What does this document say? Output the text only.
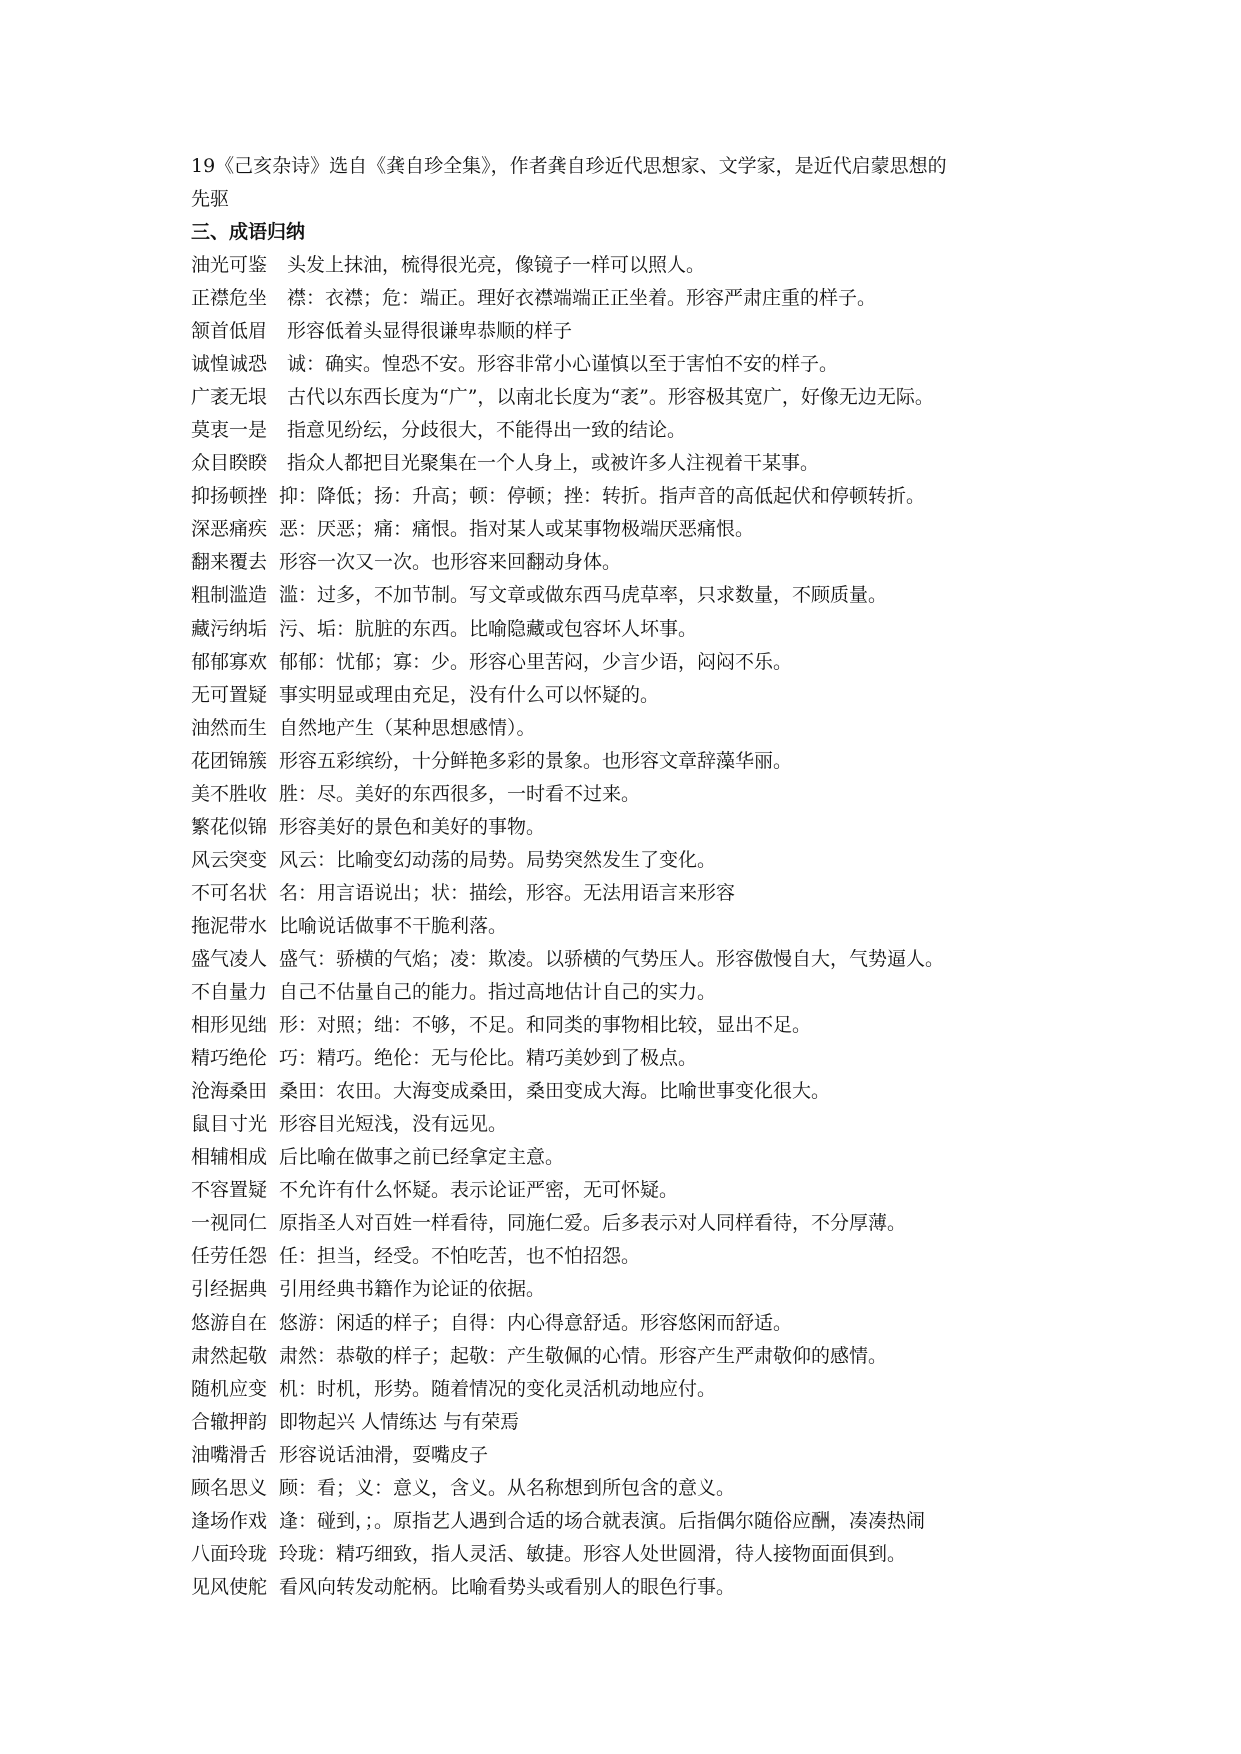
19《己亥杂诗》选自《龚自珍全集》，作者龚自珍近代思想家、文学家，是近代启蒙思想的

先驱

三、成语归纳

油光可鉴 头发上抹油，梳得很光亮，像镜子一样可以照人。
正襟危坐 襟：衣襟；危：端正。理好衣襟端端正正坐着。形容严肃庄重的样子。
颔首低眉 形容低着头显得很谦卑恭顺的样子
诚惶诚恐 诚：确实。惶恐不安。形容非常小心谨慎以至于害怕不安的样子。
广袤无垠 古代以东西长度为“广”，以南北长度为“袤”。形容极其宽广，好像无边无际。
莫衷一是 指意见纷纭，分歧很大，不能得出一致的结论。
众目睽睽 指众人都把目光聚集在一个人身上，或被许多人注视着干某事。
抑扬顿挫 抑：降低；扬：升高；顿：停顿；挫：转折。指声音的高低起伏和停顿转折。
深恶痛疾 恶：厌恶；痛：痛恨。指对某人或某事物极端厌恶痛恨。
翻来覆去 形容一次又一次。也形容来回翻动身体。
粗制滥造 滥：过多，不加节制。写文章或做东西马虎草率，只求数量，不顾质量。
藏污纳垢 污、垢：肮脏的东西。比喻隐藏或包容坏人坏事。
郁郁寡欢 郁郁：忧郁；寡：少。形容心里苦闷，少言少语，闷闷不乐。
无可置疑 事实明显或理由充足，没有什么可以怀疑的。
油然而生 自然地产生（某种思想感情）。
花团锦簇 形容五彩缤纷，十分鲜艳多彩的景象。也形容文章辞藻华丽。
美不胜收 胜：尽。美好的东西很多，一时看不过来。
繁花似锦 形容美好的景色和美好的事物。
风云突变 风云：比喻变幻动荡的局势。局势突然发生了变化。
不可名状 名：用言语说出；状：描绘，形容。无法用语言来形容
拖泥带水 比喻说话做事不干脆利落。
盛气凌人 盛气：骄横的气焰；凌：欺凌。以骄横的气势压人。形容傲慢自大，气势逼人。
不自量力 自己不估量自己的能力。指过高地估计自己的实力。
相形见绌 形：对照；绌：不够，不足。和同类的事物相比较，显出不足。
精巧绝伦 巧：精巧。绝伦：无与伦比。精巧美妙到了极点。
沧海桑田 桑田：农田。大海变成桑田，桑田变成大海。比喻世事变化很大。
鼠目寸光 形容目光短浅，没有远见。
相辅相成 后比喻在做事之前已经拿定主意。
不容置疑 不允许有什么怀疑。表示论证严密，无可怀疑。
一视同仁 原指圣人对百姓一样看待，同施仁爱。后多表示对人同样看待，不分厚薄。
任劳任怨 任：担当，经受。不怕吃苦，也不怕招怨。
引经据典 引用经典书籍作为论证的依据。
悠游自在 悠游：闲适的样子；自得：内心得意舒适。形容悠闲而舒适。
肃然起敬 肃然：恭敬的样子；起敬：产生敬佩的心情。形容产生严肃敬仰的感情。
随机应变 机：时机，形势。随着情况的变化灵活机动地应付。
合辙押韵 即物起兴 人情练达 与有荣焉
油嘴滑舌 形容说话油滑，耍嘴皮子
顾名思义 顾：看；义：意义，含义。从名称想到所包含的意义。
逢场作戏 逢：碰到，；。原指艺人遇到合适的场合就表演。后指偶尔随俗应酬，凑凑热闹
八面玲珑 玲珑：精巧细致，指人灵活、敏捷。形容人处世圆滑，待人接物面面俱到。
见风使舵 看风向转发动舵柄。比喻看势头或看别人的眼色行事。
